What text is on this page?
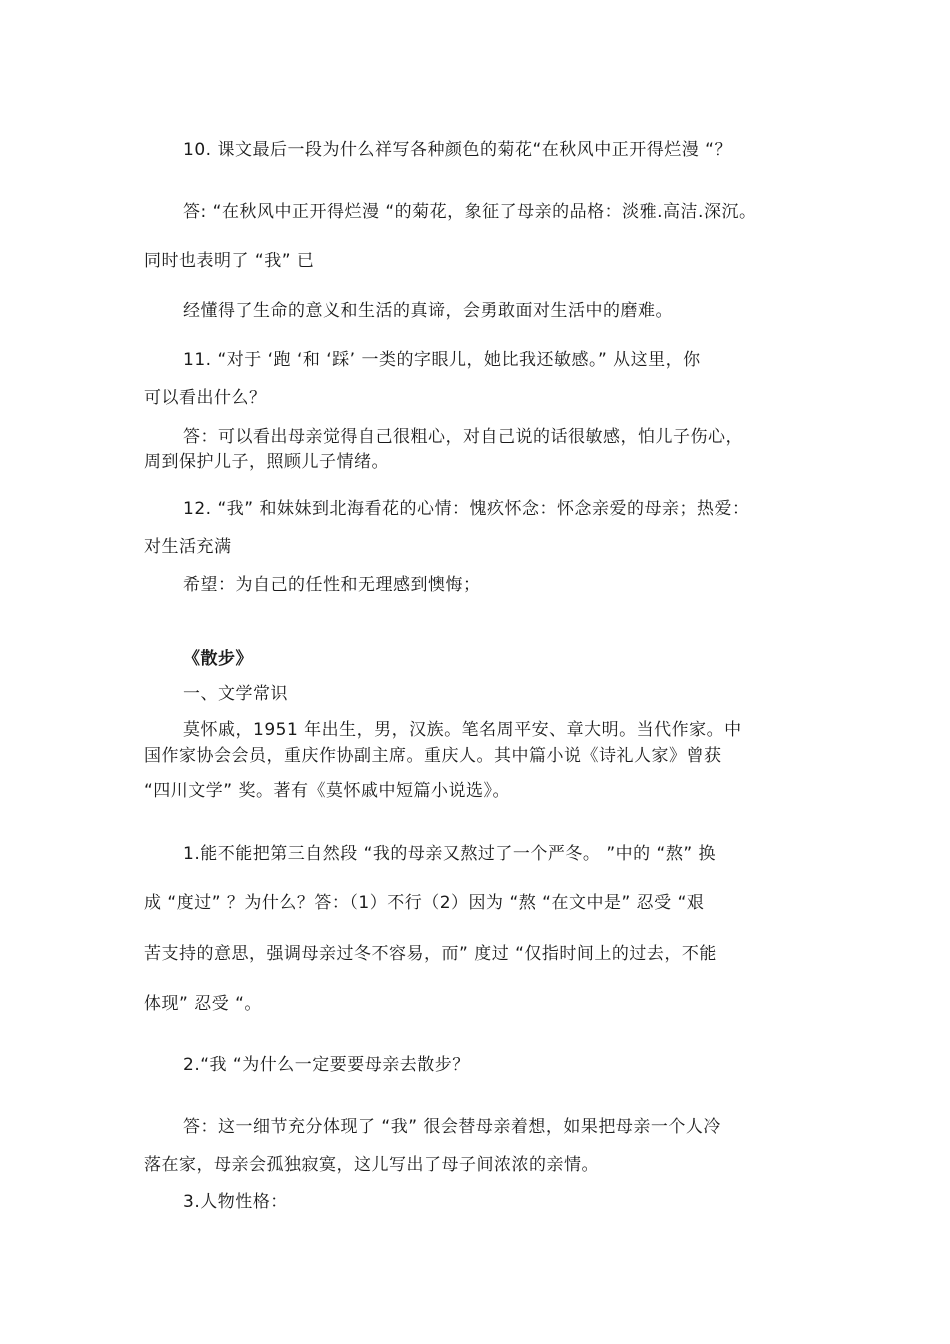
10. 课文最后一段为什么祥写各种颜色的菊花“在秋风中正开得烂漫 “？
答: “在秋风中正开得烂漫 “的菊花，象征了母亲的品格：淡雅.高洁.深沉。
同时也表明了 “我” 已
经懂得了生命的意义和生活的真谛，会勇敢面对生活中的磨难。
11. “对于 ‘跑 ‘和 ‘踩’ 一类的字眼儿，她比我还敏感。” 从这里，你
可以看出什么？
答：可以看出母亲觉得自己很粗心，对自己说的话很敏感，怕儿子伤心，
周到保护儿子，照顾儿子情绪。
12. “我” 和妹妹到北海看花的心情：愧疚怀念：怀念亲爱的母亲；热爱：
对生活充满
希望：为自己的任性和无理感到懊悔；
《散步》
一、文学常识
莫怀戚，1951 年出生，男，汉族。笔名周平安、章大明。当代作家。中
国作家协会会员，重庆作协副主席。重庆人。其中篇小说《诗礼人家》曾获
“四川文学” 奖。著有《莫怀戚中短篇小说选》。
1.能不能把第三自然段 “我的母亲又熬过了一个严冬。 ”中的 “熬” 换
成 “度过” ？为什么？答：（1）不行（2）因为 “熬 “在文中是” 忍受 “艰
苦支持的意思，强调母亲过冬不容易，而” 度过 “仅指时间上的过去，不能
体现” 忍受 “。
2.“我 “为什么一定要要母亲去散步？
答：这一细节充分体现了 “我” 很会替母亲着想，如果把母亲一个人冷
落在家，母亲会孤独寂寞，这儿写出了母子间浓浓的亲情。
3.人物性格：
